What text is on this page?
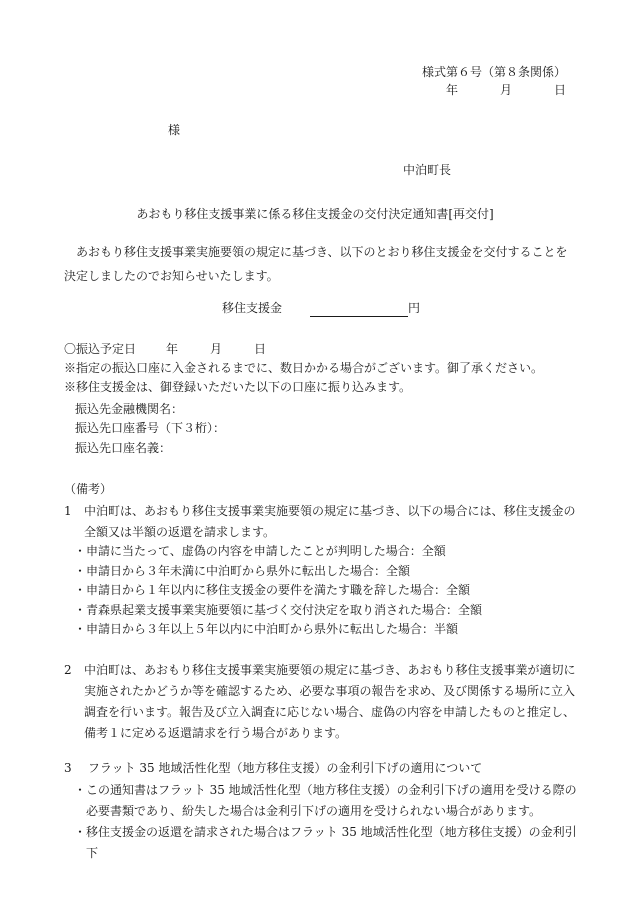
様式第６号（第８条関係）
年	月	日
様
中泊町長
あおもり移住支援事業に係る移住支援金の交付決定通知書[再交付]
あおもり移住支援事業実施要領の規定に基づき、以下のとおり移住支援金を交付することを決定しましたのでお知らせいたします。
移住支援金	円
〇振込予定日	年	月	日
※指定の振込口座に入金されるまでに、数日かかる場合がございます。御了承ください。
※移住支援金は、御登録いただいた以下の口座に振り込みます。
振込先金融機関名：
振込先口座番号（下３桁）：
振込先口座名義：
（備考）
1 中泊町は、あおもり移住支援事業実施要領の規定に基づき、以下の場合には、移住支援金の全額又は半額の返還を請求します。
・申請に当たって、虚偽の内容を申請したことが判明した場合：全額
・申請日から３年未満に中泊町から県外に転出した場合：全額
・申請日から１年以内に移住支援金の要件を満たす職を辞した場合：全額
・青森県起業支援事業実施要領に基づく交付決定を取り消された場合：全額
・申請日から３年以上５年以内に中泊町から県外に転出した場合：半額
2 中泊町は、あおもり移住支援事業実施要領の規定に基づき、あおもり移住支援事業が適切に実施されたかどうか等を確認するため、必要な事項の報告を求め、及び関係する場所に立入調査を行います。報告及び立入調査に応じない場合、虚偽の内容を申請したものと推定し、備考１に定める返還請求を行う場合があります。
3 フラット 35 地域活性化型（地方移住支援）の金利引下げの適用について
・この通知書はフラット 35 地域活性化型（地方移住支援）の金利引下げの適用を受ける際の必要書類であり、紛失した場合は金利引下げの適用を受けられない場合があります。
・移住支援金の返還を請求された場合はフラット 35 地域活性化型（地方移住支援）の金利引下
